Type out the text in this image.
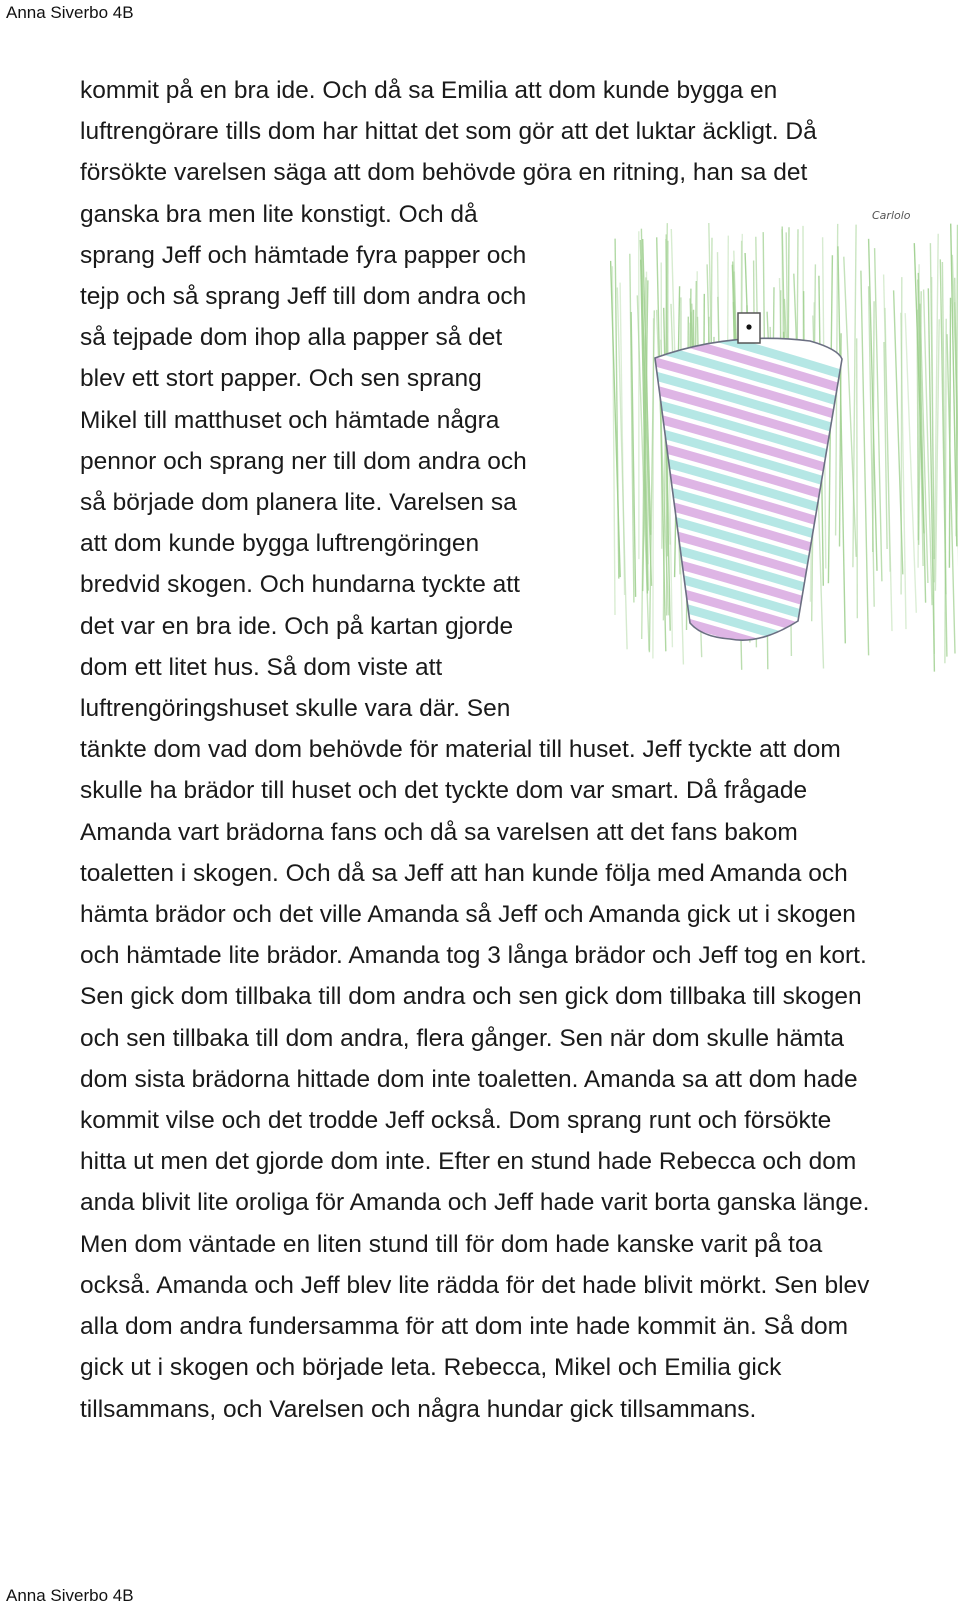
Anna Siverbo 4B
kommit på en bra ide. Och då sa Emilia att dom kunde bygga en
luftrengörare tills dom har hittat det som gör att det luktar äckligt. Då
försökte varelsen säga att dom behövde göra en ritning, han sa det
ganska bra men lite konstigt. Och då
sprang Jeff och hämtade fyra papper och
tejp och så sprang Jeff till dom andra och
så tejpade dom ihop alla papper så det
blev ett stort papper. Och sen sprang
Mikel till matthuset och hämtade några
pennor och sprang ner till dom andra och
så började dom planera lite. Varelsen sa
att dom kunde bygga luftrengöringen
bredvid skogen. Och hundarna tyckte att
det var en bra ide. Och på kartan gjorde
dom ett litet hus. Så dom viste att
luftrengöringshuset skulle vara där. Sen
tänkte dom vad dom behövde för material till huset. Jeff tyckte att dom
skulle ha brädor till huset och det tyckte dom var smart. Då frågade
Amanda vart brädorna fans och då sa varelsen att det fans bakom
toaletten i skogen. Och då sa Jeff att han kunde följa med Amanda och
hämta brädor och det ville Amanda så Jeff och Amanda gick ut i skogen
och hämtade lite brädor. Amanda tog 3 långa brädor och Jeff tog en kort.
Sen gick dom tillbaka till dom andra och sen gick dom tillbaka till skogen
och sen tillbaka till dom andra, flera gånger. Sen när dom skulle hämta
dom sista brädorna hittade dom inte toaletten. Amanda sa att dom hade
kommit vilse och det trodde Jeff också. Dom sprang runt och försökte
hitta ut men det gjorde dom inte. Efter en stund hade Rebecca och dom
anda blivit lite oroliga för Amanda och Jeff hade varit borta ganska länge.
Men dom väntade en liten stund till för dom hade kanske varit på toa
också. Amanda och Jeff blev lite rädda för det hade blivit mörkt. Sen blev
alla dom andra fundersamma för att dom inte hade kommit än. Så dom
gick ut i skogen och började leta. Rebecca, Mikel och Emilia gick
tillsammans, och Varelsen och några hundar gick tillsammans.
Carlolo
Anna Siverbo 4B
